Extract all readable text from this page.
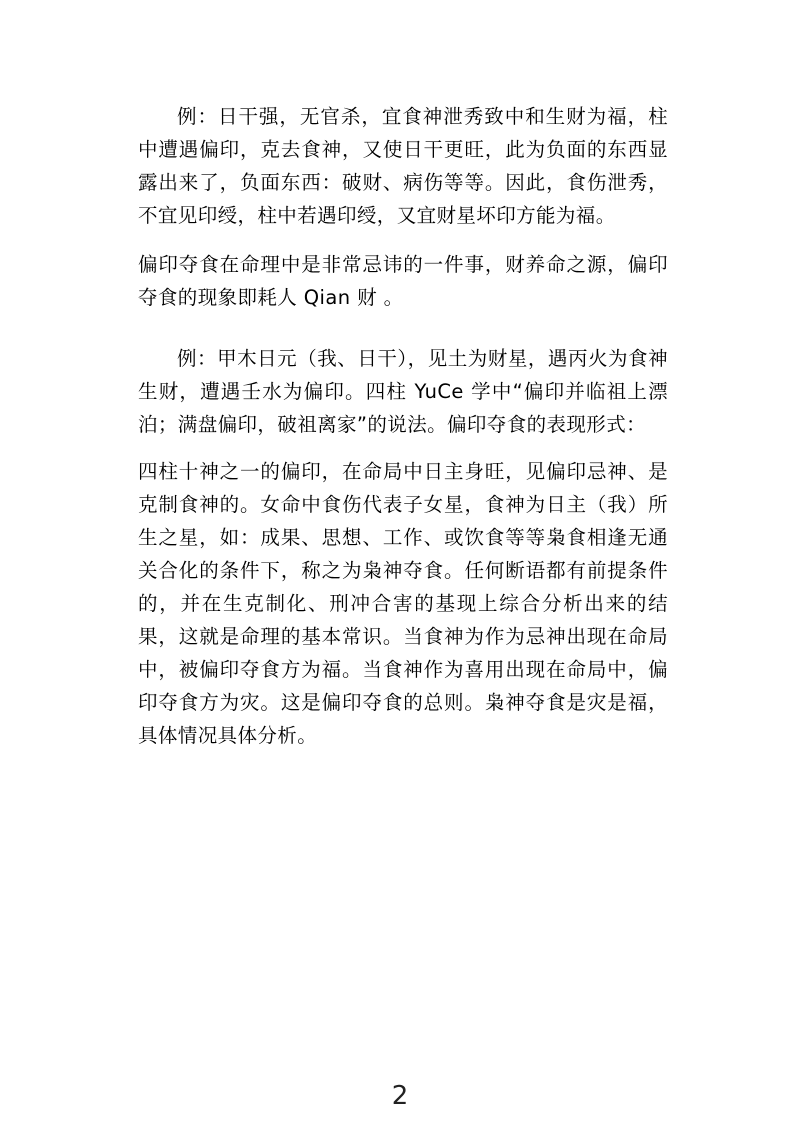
例：日干强，无官杀，宜食神泄秀致中和生财为福，柱中遭遇偏印，克去食神，又使日干更旺，此为负面的东西显露出来了，负面东西：破财、病伤等等。因此，食伤泄秀，不宜见印绶，柱中若遇印绶，又宜财星坏印方能为福。

偏印夺食在命理中是非常忌讳的一件事，财养命之源，偏印夺食的现象即耗人 Qian 财 。

例：甲木日元（我、日干），见土为财星，遇丙火为食神生财，遭遇壬水为偏印。四柱 YuCe 学中“偏印并临祖上漂泊；满盘偏印，破祖离家”的说法。偏印夺食的表现形式：

四柱十神之一的偏印，在命局中日主身旺，见偏印忌神、是克制食神的。女命中食伤代表子女星，食神为日主（我）所生之星，如：成果、思想、工作、或饮食等等枭食相逢无通关合化的条件下，称之为枭神夺食。任何断语都有前提条件的，并在生克制化、刑冲合害的基现上综合分析出来的结果，这就是命理的基本常识。当食神为作为忌神出现在命局中，被偏印夺食方为福。当食神作为喜用出现在命局中，偏印夺食方为灾。这是偏印夺食的总则。枭神夺食是灾是福，具体情况具体分析。

2
